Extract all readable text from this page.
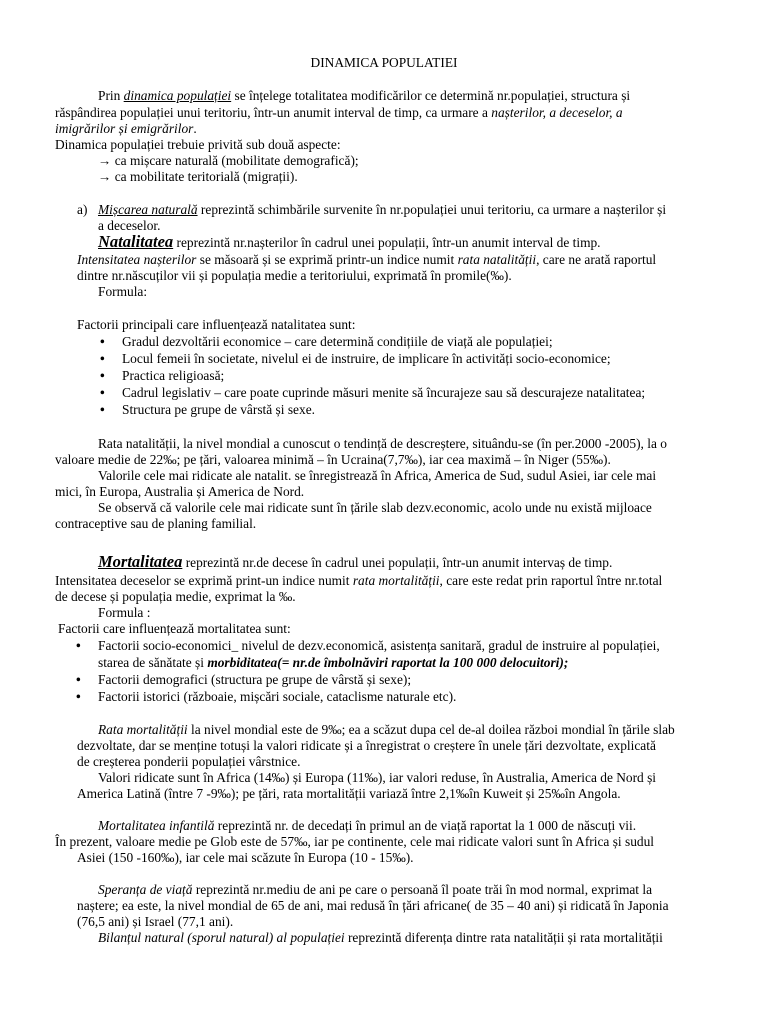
DINAMICA POPULATIEI
Prin dinamica populației se înțelege totalitatea modificărilor ce determină nr.populației, structura și
răspândirea populației unui teritoriu, într-un anumit interval de timp, ca urmare a nașterilor, a deceselor, a
imigrărilor și emigrărilor.
Dinamica populației trebuie privită sub două aspecte:
→ ca mișcare naturală (mobilitate demografică);
→ ca mobilitate teritorială (migrații).
a) Mișcarea naturală reprezintă schimbările survenite în nr.populației unui teritoriu, ca urmare a nașterilor și
a deceselor.
Natalitatea reprezintă nr.nașterilor în cadrul unei populații, într-un anumit interval de timp.
Intensitatea nașterilor se măsoară și se exprimă printr-un indice numit rata natalității, care ne arată raportul
dintre nr.născuților vii și populația medie a teritoriului, exprimată în promile(‰).
Formula:
Factorii principali care influențează natalitatea sunt:
• Gradul dezvoltării economice – care determină condițiile de viață ale populației;
• Locul femeii în societate, nivelul ei de instruire, de implicare în activități socio-economice;
• Practica religioasă;
• Cadrul legislativ – care poate cuprinde măsuri menite să încurajeze sau să descurajeze natalitatea;
• Structura pe grupe de vârstă și sexe.
Rata natalității, la nivel mondial a cunoscut o tendință de descreștere, situându-se (în per.2000 -2005), la o
valoare medie de 22‰; pe țări, valoarea minimă – în Ucraina(7,7‰), iar cea maximă – în Niger (55‰).
Valorile cele mai ridicate ale natalit. se înregistrează în Africa, America de Sud, sudul Asiei, iar cele mai
mici, în Europa, Australia și America de Nord.
Se observă că valorile cele mai ridicate sunt în țările slab dezv.economic, acolo unde nu există mijloace
contraceptive sau de planing familial.
Mortalitatea reprezintă nr.de decese în cadrul unei populații, într-un anumit intervaș de timp.
Intensitatea deceselor se exprimă print-un indice numit rata mortalității, care este redat prin raportul între nr.total
de decese și populația medie, exprimat la ‰.
Formula :
Factorii care influențează mortalitatea sunt:
• Factorii socio-economici_ nivelul de dezv.economică, asistența sanitară, gradul de instruire al populației,
• Factorii demografici (structura pe grupe de vârstă și sexe);
• Factorii istorici (războaie, mișcări sociale, cataclisme naturale etc).
starea de sănătate și morbiditatea(= nr.de îmbolnăviri raportat la 100 000 delocuitori);
Rata mortalității la nivel mondial este de 9‰; ea a scăzut dupa cel de-al doilea război mondial în țările slab
dezvoltate, dar se menține totuși la valori ridicate și a înregistrat o creștere în unele țări dezvoltate, explicată
de creșterea ponderii populației vârstnice.
Valori ridicate sunt în Africa (14‰) și Europa (11‰), iar valori reduse, în Australia, America de Nord și
America Latină (între 7 -9‰); pe țări, rata mortalității variază între 2,1‰în Kuweit și 25‰în Angola.
Mortalitatea infantilă reprezintă nr. de decedați în primul an de viață raportat la 1 000 de născuți vii.
În prezent, valoare medie pe Glob este de 57‰, iar pe continente, cele mai ridicate valori sunt în Africa și sudul
Asiei (150 -160‰), iar cele mai scăzute în Europa (10 - 15‰).
Speranța de viață reprezintă nr.mediu de ani pe care o persoană îl poate trăi în mod normal, exprimat la
naștere; ea este, la nivel mondial de 65 de ani, mai redusă în țări africane( de 35 – 40 ani) și ridicată în Japonia
(76,5 ani) și Israel (77,1 ani).
Bilanțul natural (sporul natural) al populației reprezintă diferența dintre rata natalității și rata mortalității
